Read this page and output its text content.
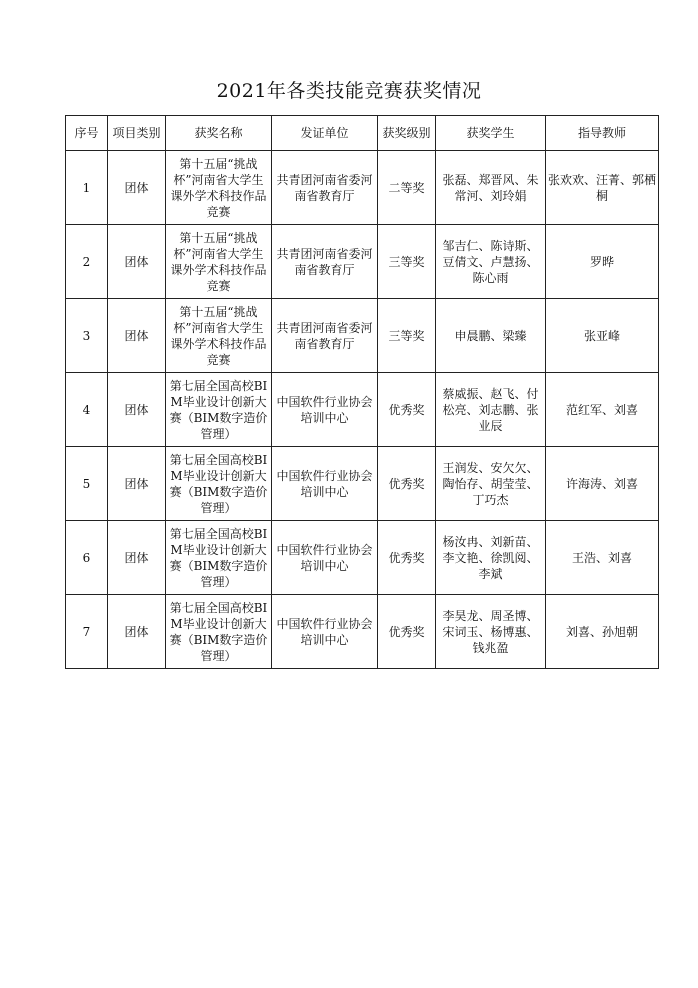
2021年各类技能竞赛获奖情况
序号	项目类别	获奖名称	发证单位	获奖级别	获奖学生	指导教师
1	团体	第十五届“挑战杯”河南省大学生课外学术科技作品竞赛	共青团河南省委河南省教育厅	二等奖	张磊、郑晋风、朱常河、刘玲娟	张欢欢、汪菁、郭栖桐
2	团体	第十五届“挑战杯”河南省大学生课外学术科技作品竞赛	共青团河南省委河南省教育厅	三等奖	邹吉仁、陈诗斯、豆倩文、卢慧扬、陈心雨	罗晔
3	团体	第十五届“挑战杯”河南省大学生课外学术科技作品竞赛	共青团河南省委河南省教育厅	三等奖	申晨鹏、梁臻	张亚峰
4	团体	第七届全国高校BIM毕业设计创新大赛（BIM数字造价管理）	中国软件行业协会培训中心	优秀奖	蔡威振、赵飞、付松亮、刘志鹏、张业辰	范红军、刘喜
5	团体	第七届全国高校BIM毕业设计创新大赛（BIM数字造价管理）	中国软件行业协会培训中心	优秀奖	王润发、安欠欠、陶怡存、胡莹莹、丁巧杰	许海涛、刘喜
6	团体	第七届全国高校BIM毕业设计创新大赛（BIM数字造价管理）	中国软件行业协会培训中心	优秀奖	杨汝冉、刘新苗、李文艳、徐凯阅、李斌	王浩、刘喜
7	团体	第七届全国高校BIM毕业设计创新大赛（BIM数字造价管理）	中国软件行业协会培训中心	优秀奖	李昊龙、周圣博、宋词玉、杨博惠、钱兆盈	刘喜、孙旭朝
